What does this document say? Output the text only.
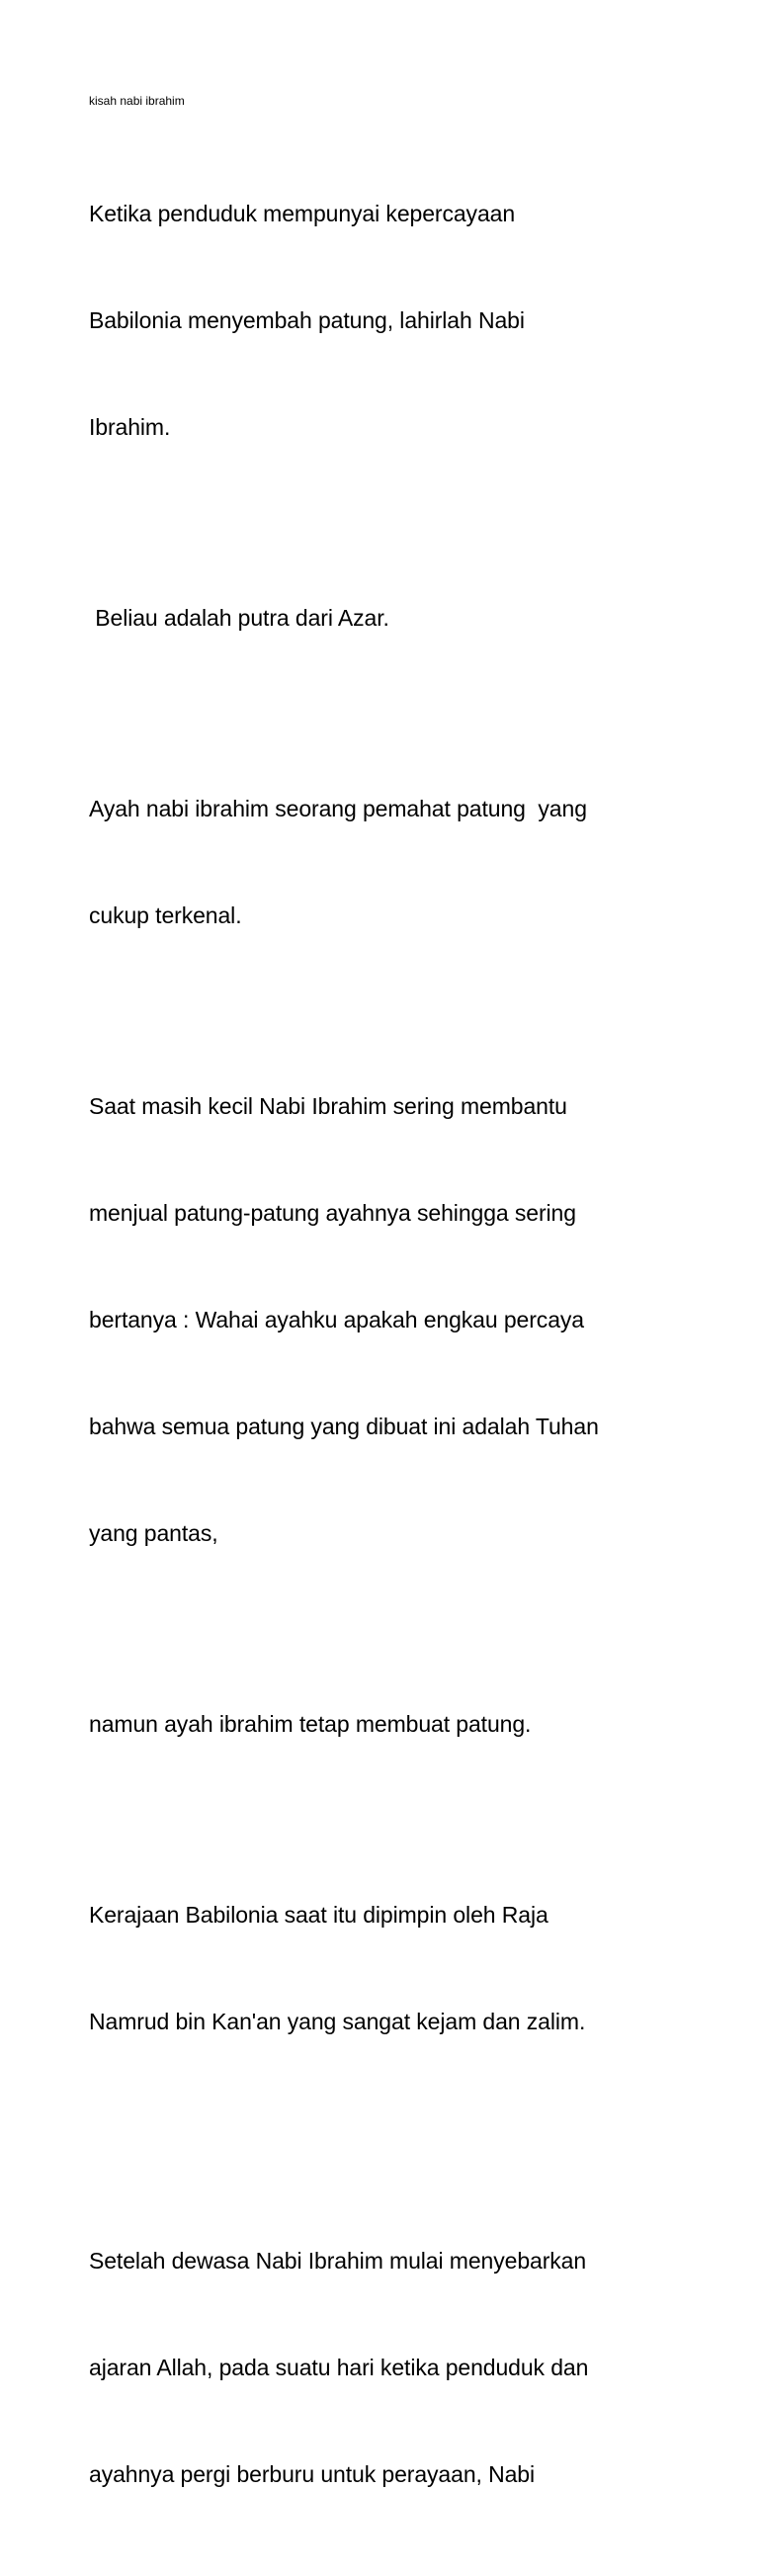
kisah nabi ibrahim

Ketika penduduk mempunyai kepercayaan

Babilonia menyembah patung, lahirlah Nabi

Ibrahim.

Beliau adalah putra dari Azar.

Ayah nabi ibrahim seorang pemahat patung  yang

cukup terkenal.

Saat masih kecil Nabi Ibrahim sering membantu

menjual patung-patung ayahnya sehingga sering

bertanya : Wahai ayahku apakah engkau percaya

bahwa semua patung yang dibuat ini adalah Tuhan

yang pantas,

namun ayah ibrahim tetap membuat patung.

Kerajaan Babilonia saat itu dipimpin oleh Raja

Namrud bin Kan'an yang sangat kejam dan zalim.

Setelah dewasa Nabi Ibrahim mulai menyebarkan

ajaran Allah, pada suatu hari ketika penduduk dan

ayahnya pergi berburu untuk perayaan, Nabi
